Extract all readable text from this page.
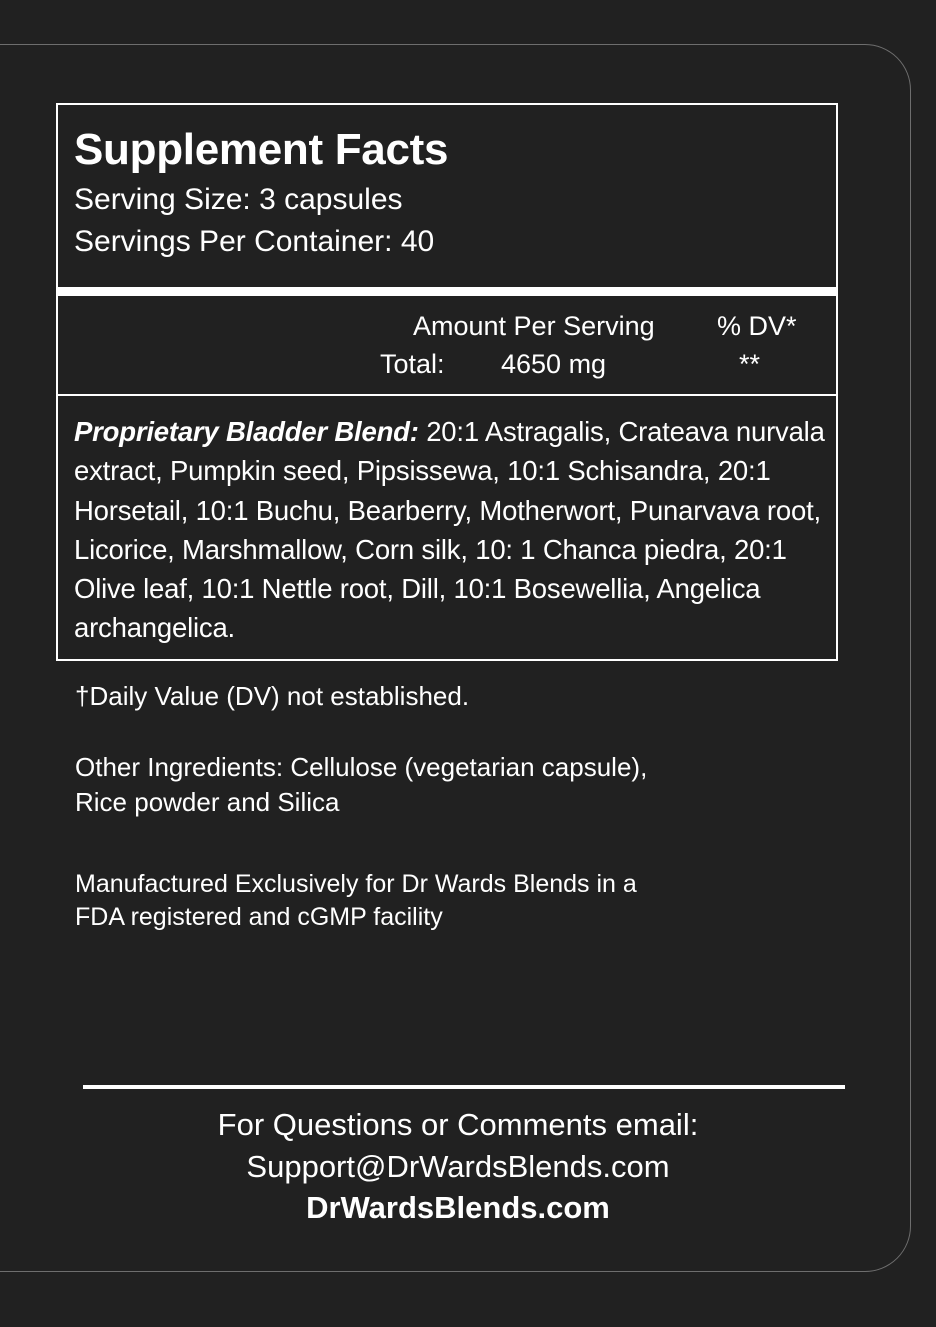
Supplement Facts
Serving Size: 3 capsules
Servings Per Container: 40
Amount Per Serving % DV*
Total: 4650 mg	**
Proprietary Bladder Blend: 20:1 Astragalis, Crateava nurvala extract, Pumpkin seed, Pipsissewa, 10:1 Schisandra, 20:1 Horsetail, 10:1 Buchu, Bearberry, Motherwort, Punarvava root, Licorice, Marshmallow, Corn silk, 10: 1 Chanca piedra, 20:1 Olive leaf, 10:1 Nettle root, Dill, 10:1 Bosewellia, Angelica archangelica.
†Daily Value (DV) not established.
Other Ingredients: Cellulose (vegetarian capsule),
Rice powder and Silica
Manufactured Exclusively for Dr Wards Blends in a
FDA registered and cGMP facility
For Questions or Comments email:
Support@DrWardsBlends.com
DrWardsBlends.com
